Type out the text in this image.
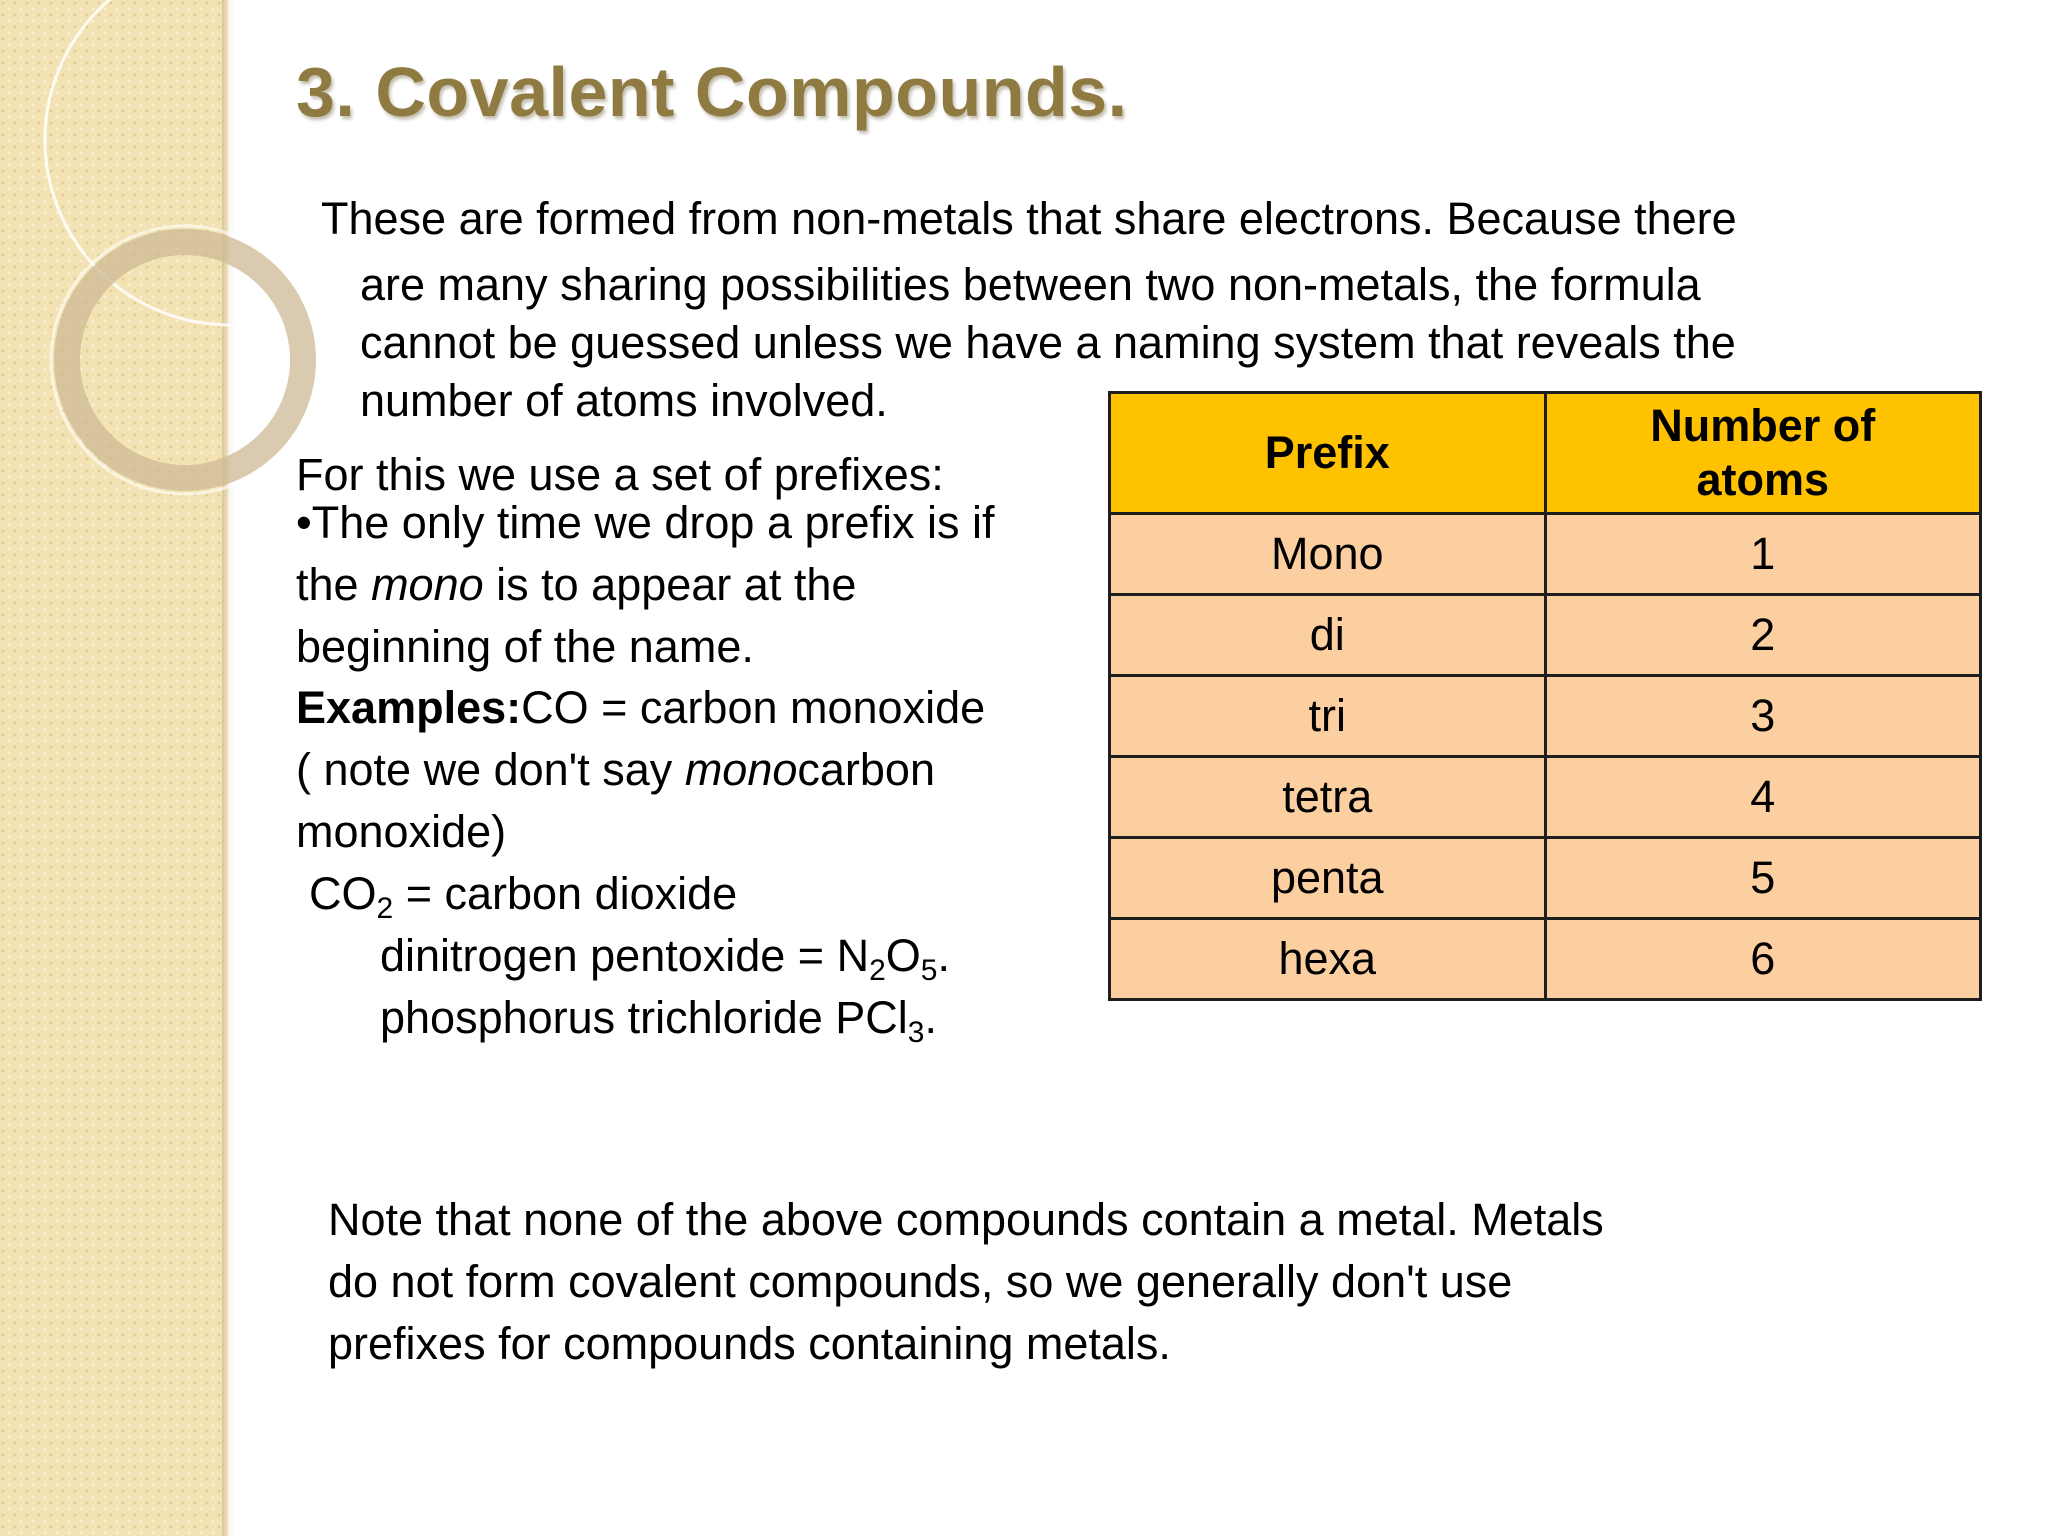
3. Covalent Compounds.
These are formed from non-metals that share electrons. Because there
are many sharing possibilities between two non-metals, the formula
cannot be guessed unless we have a naming system that reveals the
number of atoms involved.
For this we use a set of prefixes:
•The only time we drop a prefix is if
the mono is to appear at the
beginning of the name.
Examples:CO = carbon monoxide
( note we don't say monocarbon
monoxide)
$CO_2$ = carbon dioxide
dinitrogen pentoxide = $N_2O_5$.
phosphorus trichloride PCl$_3$.
Prefix	Number of
atoms
Mono	1
di	2
tri	3
tetra	4
penta	5
hexa	6
Note that none of the above compounds contain a metal. Metals
do not form covalent compounds, so we generally don't use
prefixes for compounds containing metals.
